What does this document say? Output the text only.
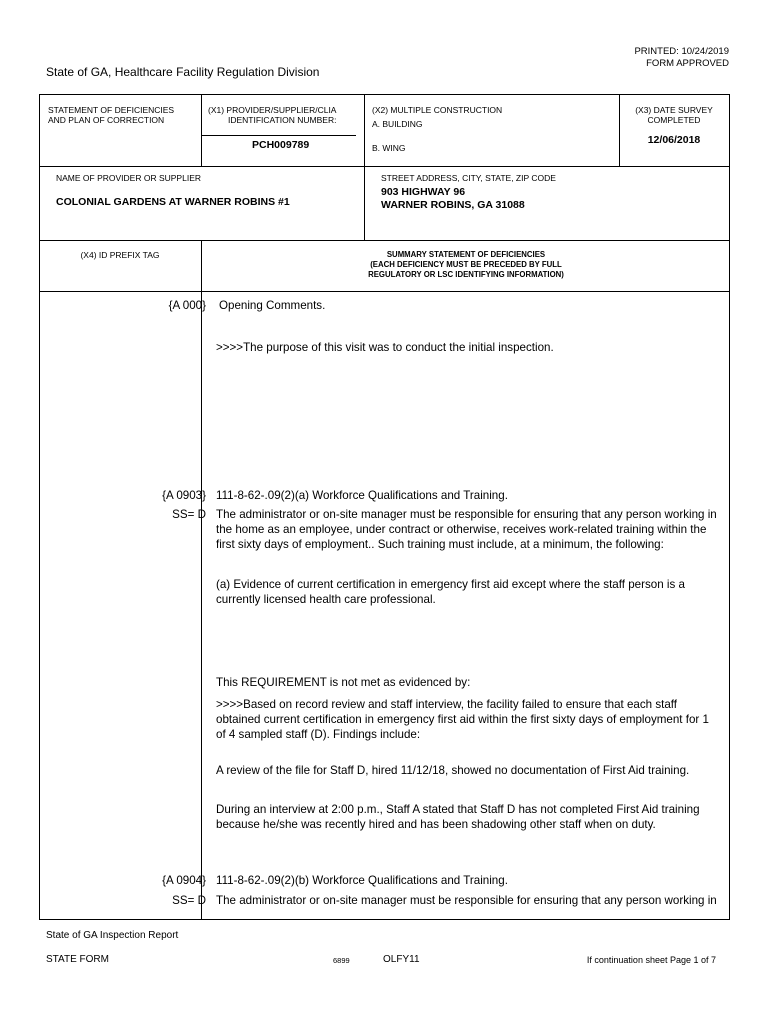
PRINTED: 10/24/2019
FORM APPROVED
State of GA, Healthcare Facility Regulation Division
STATEMENT OF DEFICIENCIES
AND PLAN OF CORRECTION
(X1) PROVIDER/SUPPLIER/CLIA
IDENTIFICATION NUMBER:
PCH009789
(X2) MULTIPLE CONSTRUCTION
A. BUILDING
B. WING
(X3) DATE SURVEY
COMPLETED
12/06/2018
NAME OF PROVIDER OR SUPPLIER
COLONIAL GARDENS AT WARNER ROBINS #1
STREET ADDRESS, CITY, STATE, ZIP CODE
903 HIGHWAY 96
WARNER ROBINS, GA 31088
(X4) ID PREFIX TAG	SUMMARY STATEMENT OF DEFICIENCIES
(EACH DEFICIENCY MUST BE PRECEDED BY FULL
REGULATORY OR LSC IDENTIFYING INFORMATION)
{A 000} Opening Comments.
>>>>The purpose of this visit was to conduct the initial inspection.
{A 0903}
SS= D
111-8-62-.09(2)(a) Workforce Qualifications and Training.
The administrator or on-site manager must be responsible for ensuring that any person working in
the home as an employee, under contract or otherwise, receives work-related training within the
first sixty days of employment.. Such training must include, at a minimum, the following:
(a) Evidence of current certification in emergency first aid except where the staff person is a
currently licensed health care professional.
This REQUIREMENT is not met as evidenced by:
>>>>Based on record review and staff interview, the facility failed to ensure that each staff
obtained current certification in emergency first aid within the first sixty days of employment for 1
of 4 sampled staff (D). Findings include:
A review of the file for Staff D, hired 11/12/18, showed no documentation of First Aid training.
During an interview at 2:00 p.m., Staff A stated that Staff D has not completed First Aid training
because he/she was recently hired and has been shadowing other staff when on duty.
{A 0904}
SS= D
111-8-62-.09(2)(b) Workforce Qualifications and Training.
The administrator or on-site manager must be responsible for ensuring that any person working in
State of GA Inspection Report
STATE FORM	6899	OLFY11	If continuation sheet Page 1 of 7
